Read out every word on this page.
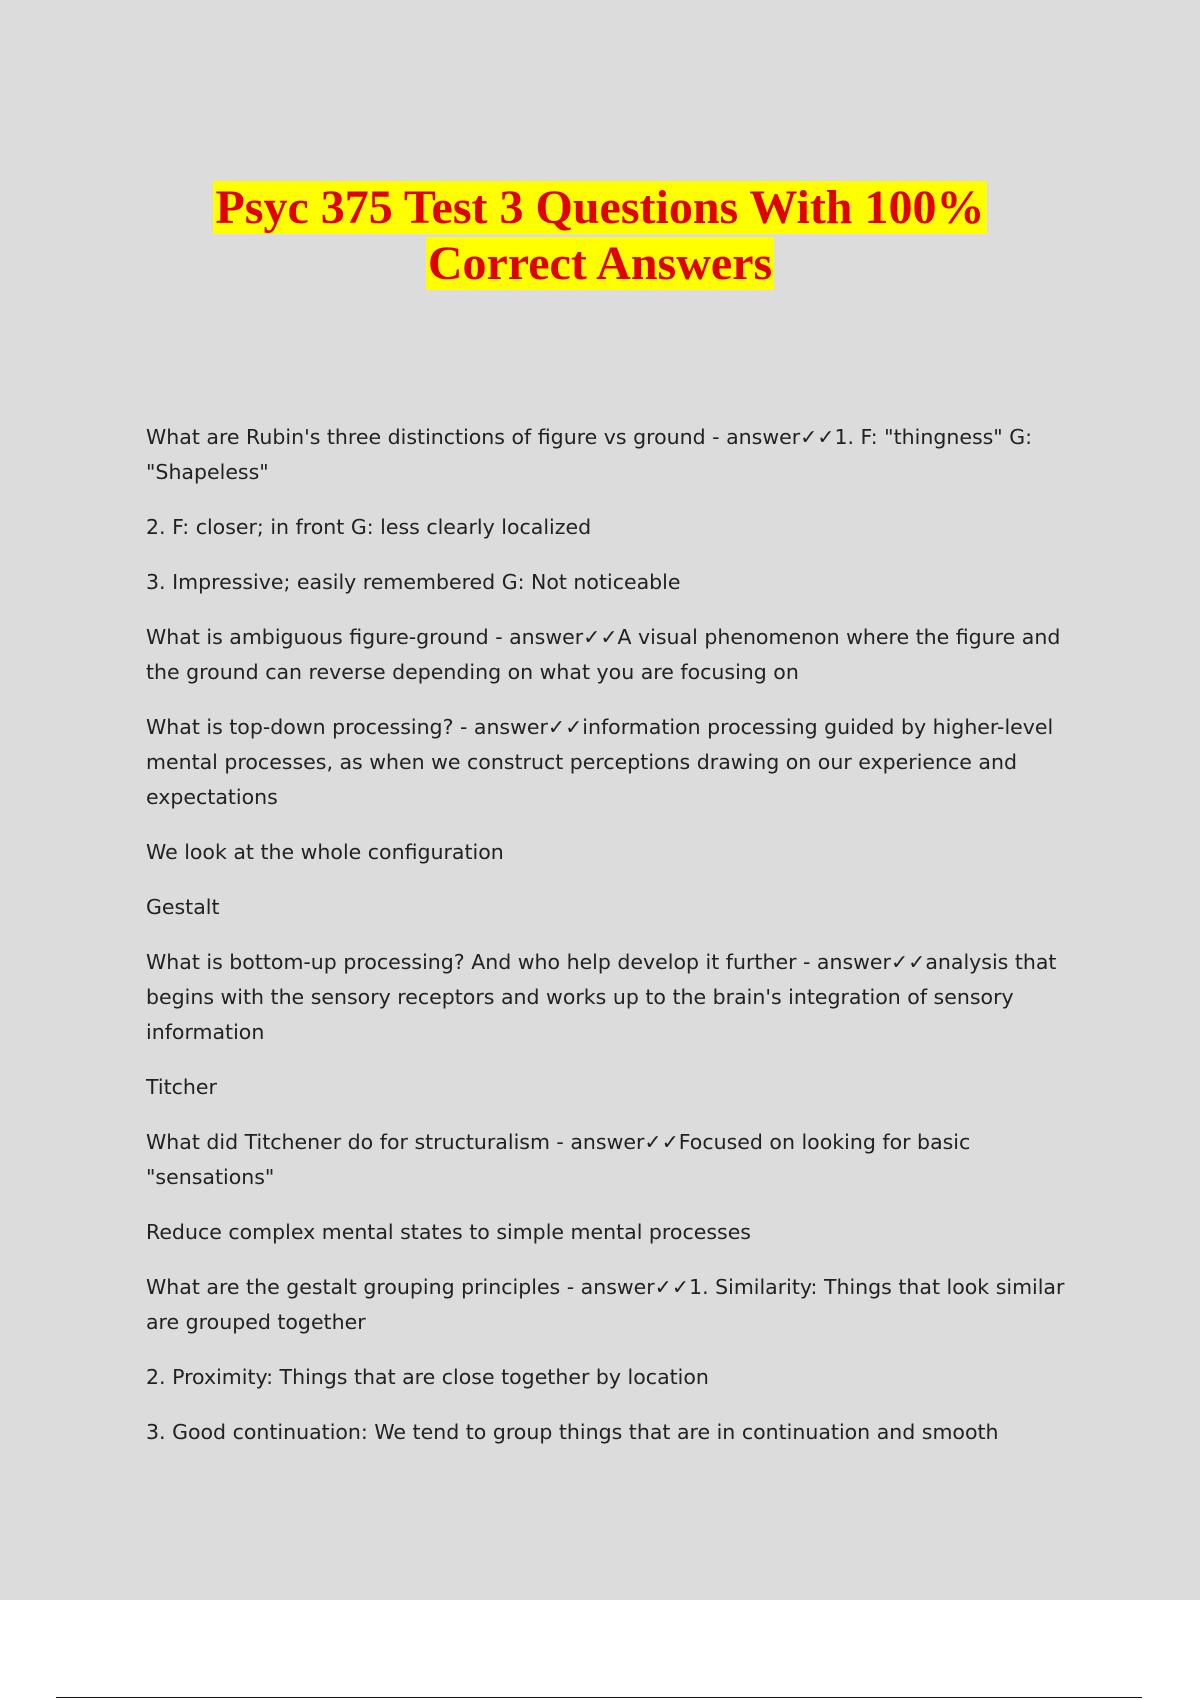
Psyc 375 Test 3 Questions With 100%
Correct Answers

What are Rubin's three distinctions of figure vs ground - answer✓✓1. F: "thingness" G: "Shapeless"

2. F: closer; in front G: less clearly localized

3. Impressive; easily remembered G: Not noticeable

What is ambiguous figure-ground - answer✓✓A visual phenomenon where the figure and the ground can reverse depending on what you are focusing on

What is top-down processing? - answer✓✓information processing guided by higher-level mental processes, as when we construct perceptions drawing on our experience and expectations

We look at the whole configuration

Gestalt

What is bottom-up processing? And who help develop it further - answer✓✓analysis that begins with the sensory receptors and works up to the brain's integration of sensory information

Titcher

What did Titchener do for structuralism - answer✓✓Focused on looking for basic "sensations"

Reduce complex mental states to simple mental processes

What are the gestalt grouping principles - answer✓✓1. Similarity: Things that look similar are grouped together

2. Proximity: Things that are close together by location

3. Good continuation: We tend to group things that are in continuation and smooth
